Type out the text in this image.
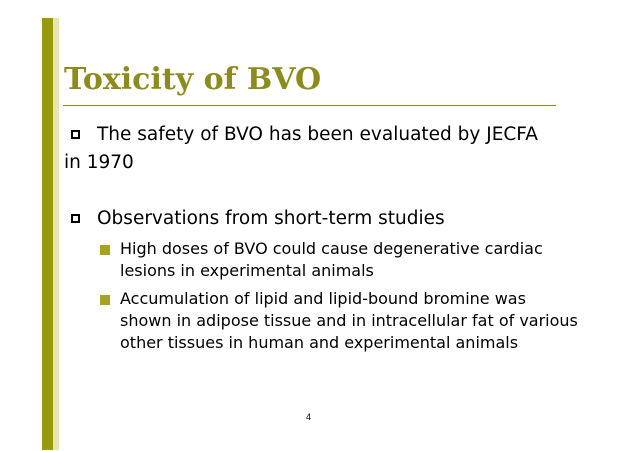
Toxicity of BVO
The safety of BVO has been evaluated by JECFA in 1970
Observations from short-term studies
High doses of BVO could cause degenerative cardiac lesions in experimental animals
Accumulation of lipid and lipid-bound bromine was shown in adipose tissue and in intracellular fat of various other tissues in human and experimental animals
4
